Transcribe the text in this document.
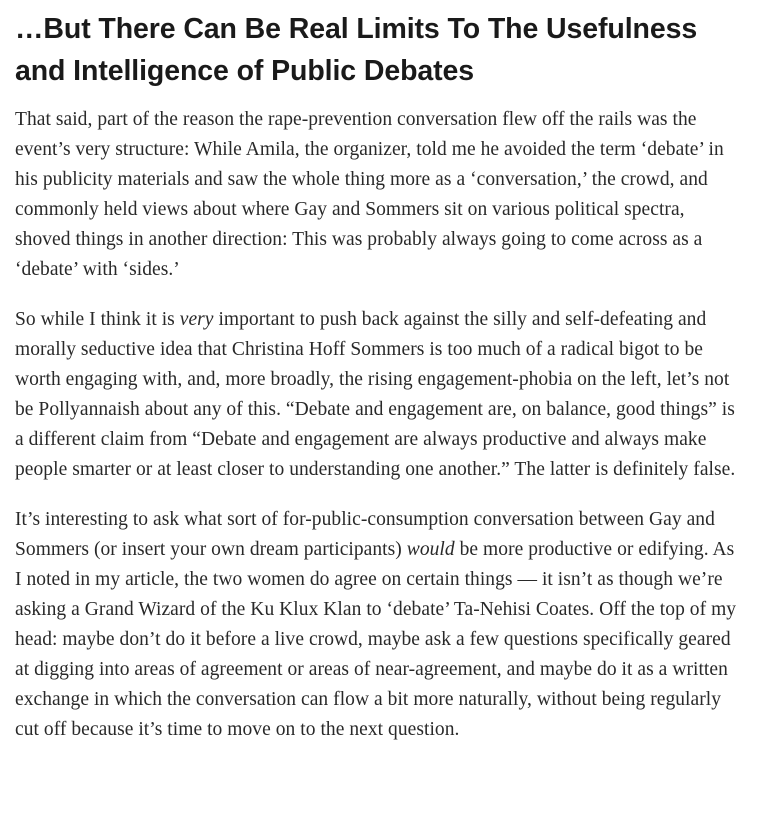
…But There Can Be Real Limits To The Usefulness and Intelligence of Public Debates

That said, part of the reason the rape-prevention conversation flew off the rails was the event’s very structure: While Amila, the organizer, told me he avoided the term ‘debate’ in his publicity materials and saw the whole thing more as a ‘conversation,’ the crowd, and commonly held views about where Gay and Sommers sit on various political spectra, shoved things in another direction: This was probably always going to come across as a ‘debate’ with ‘sides.’

So while I think it is very important to push back against the silly and self-defeating and morally seductive idea that Christina Hoff Sommers is too much of a radical bigot to be worth engaging with, and, more broadly, the rising engagement-phobia on the left, let’s not be Pollyannaish about any of this. “Debate and engagement are, on balance, good things” is a different claim from “Debate and engagement are always productive and always make people smarter or at least closer to understanding one another.” The latter is definitely false.

It’s interesting to ask what sort of for-public-consumption conversation between Gay and Sommers (or insert your own dream participants) would be more productive or edifying. As I noted in my article, the two women do agree on certain things — it isn’t as though we’re asking a Grand Wizard of the Ku Klux Klan to ‘debate’ Ta-Nehisi Coates. Off the top of my head: maybe don’t do it before a live crowd, maybe ask a few questions specifically geared at digging into areas of agreement or areas of near-agreement, and maybe do it as a written exchange in which the conversation can flow a bit more naturally, without being regularly cut off because it’s time to move on to the next question.
